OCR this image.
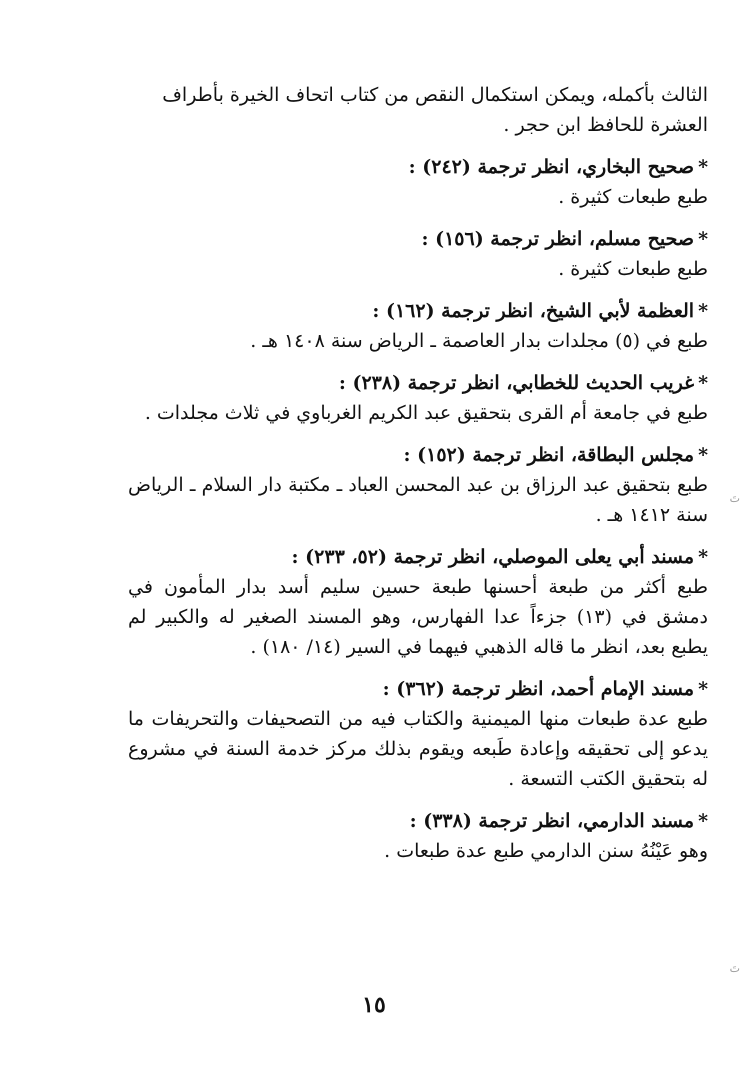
الثالث بأكمله، ويمكن استكمال النقص من كتاب اتحاف الخيرة بأطراف العشرة للحافظ ابن حجر .
*صحيح البخاري، انظر ترجمة (٢٤٢) :
طبع طبعات كثيرة .
*صحيح مسلم، انظر ترجمة (١٥٦) :
طبع طبعات كثيرة .
*العظمة لأبي الشيخ، انظر ترجمة (١٦٢) :
طبع في (٥) مجلدات بدار العاصمة ـ الرياض سنة ١٤٠٨ هـ .
*غريب الحديث للخطابي، انظر ترجمة (٢٣٨) :
طبع في جامعة أم القرى بتحقيق عبد الكريم الغرباوي في ثلاث مجلدات .
*مجلس البطاقة، انظر ترجمة (١٥٢) :
طبع بتحقيق عبد الرزاق بن عبد المحسن العباد ـ مكتبة دار السلام ـ الرياض سنة ١٤١٢ هـ .
*مسند أبي يعلى الموصلي، انظر ترجمة (٥٢، ٢٣٣) :
طبع أكثر من طبعة أحسنها طبعة حسين سليم أسد بدار المأمون في دمشق في (١٣) جزءاً عدا الفهارس، وهو المسند الصغير له والكبير لم يطبع بعد، انظر ما قاله الذهبي فيهما في السير (١٤/ ١٨٠) .
*مسند الإمام أحمد، انظر ترجمة (٣٦٢) :
طبع عدة طبعات منها الميمنية والكتاب فيه من التصحيفات والتحريفات ما يدعو إلى تحقيقه وإعادة طَبعه ويقوم بذلك مركز خدمة السنة في مشروع له بتحقيق الكتب التسعة .
*مسند الدارمي، انظر ترجمة (٣٣٨) :
وهو عَيْنُهُ سنن الدارمي طبع عدة طبعات .
١٥
تَ
تَ
